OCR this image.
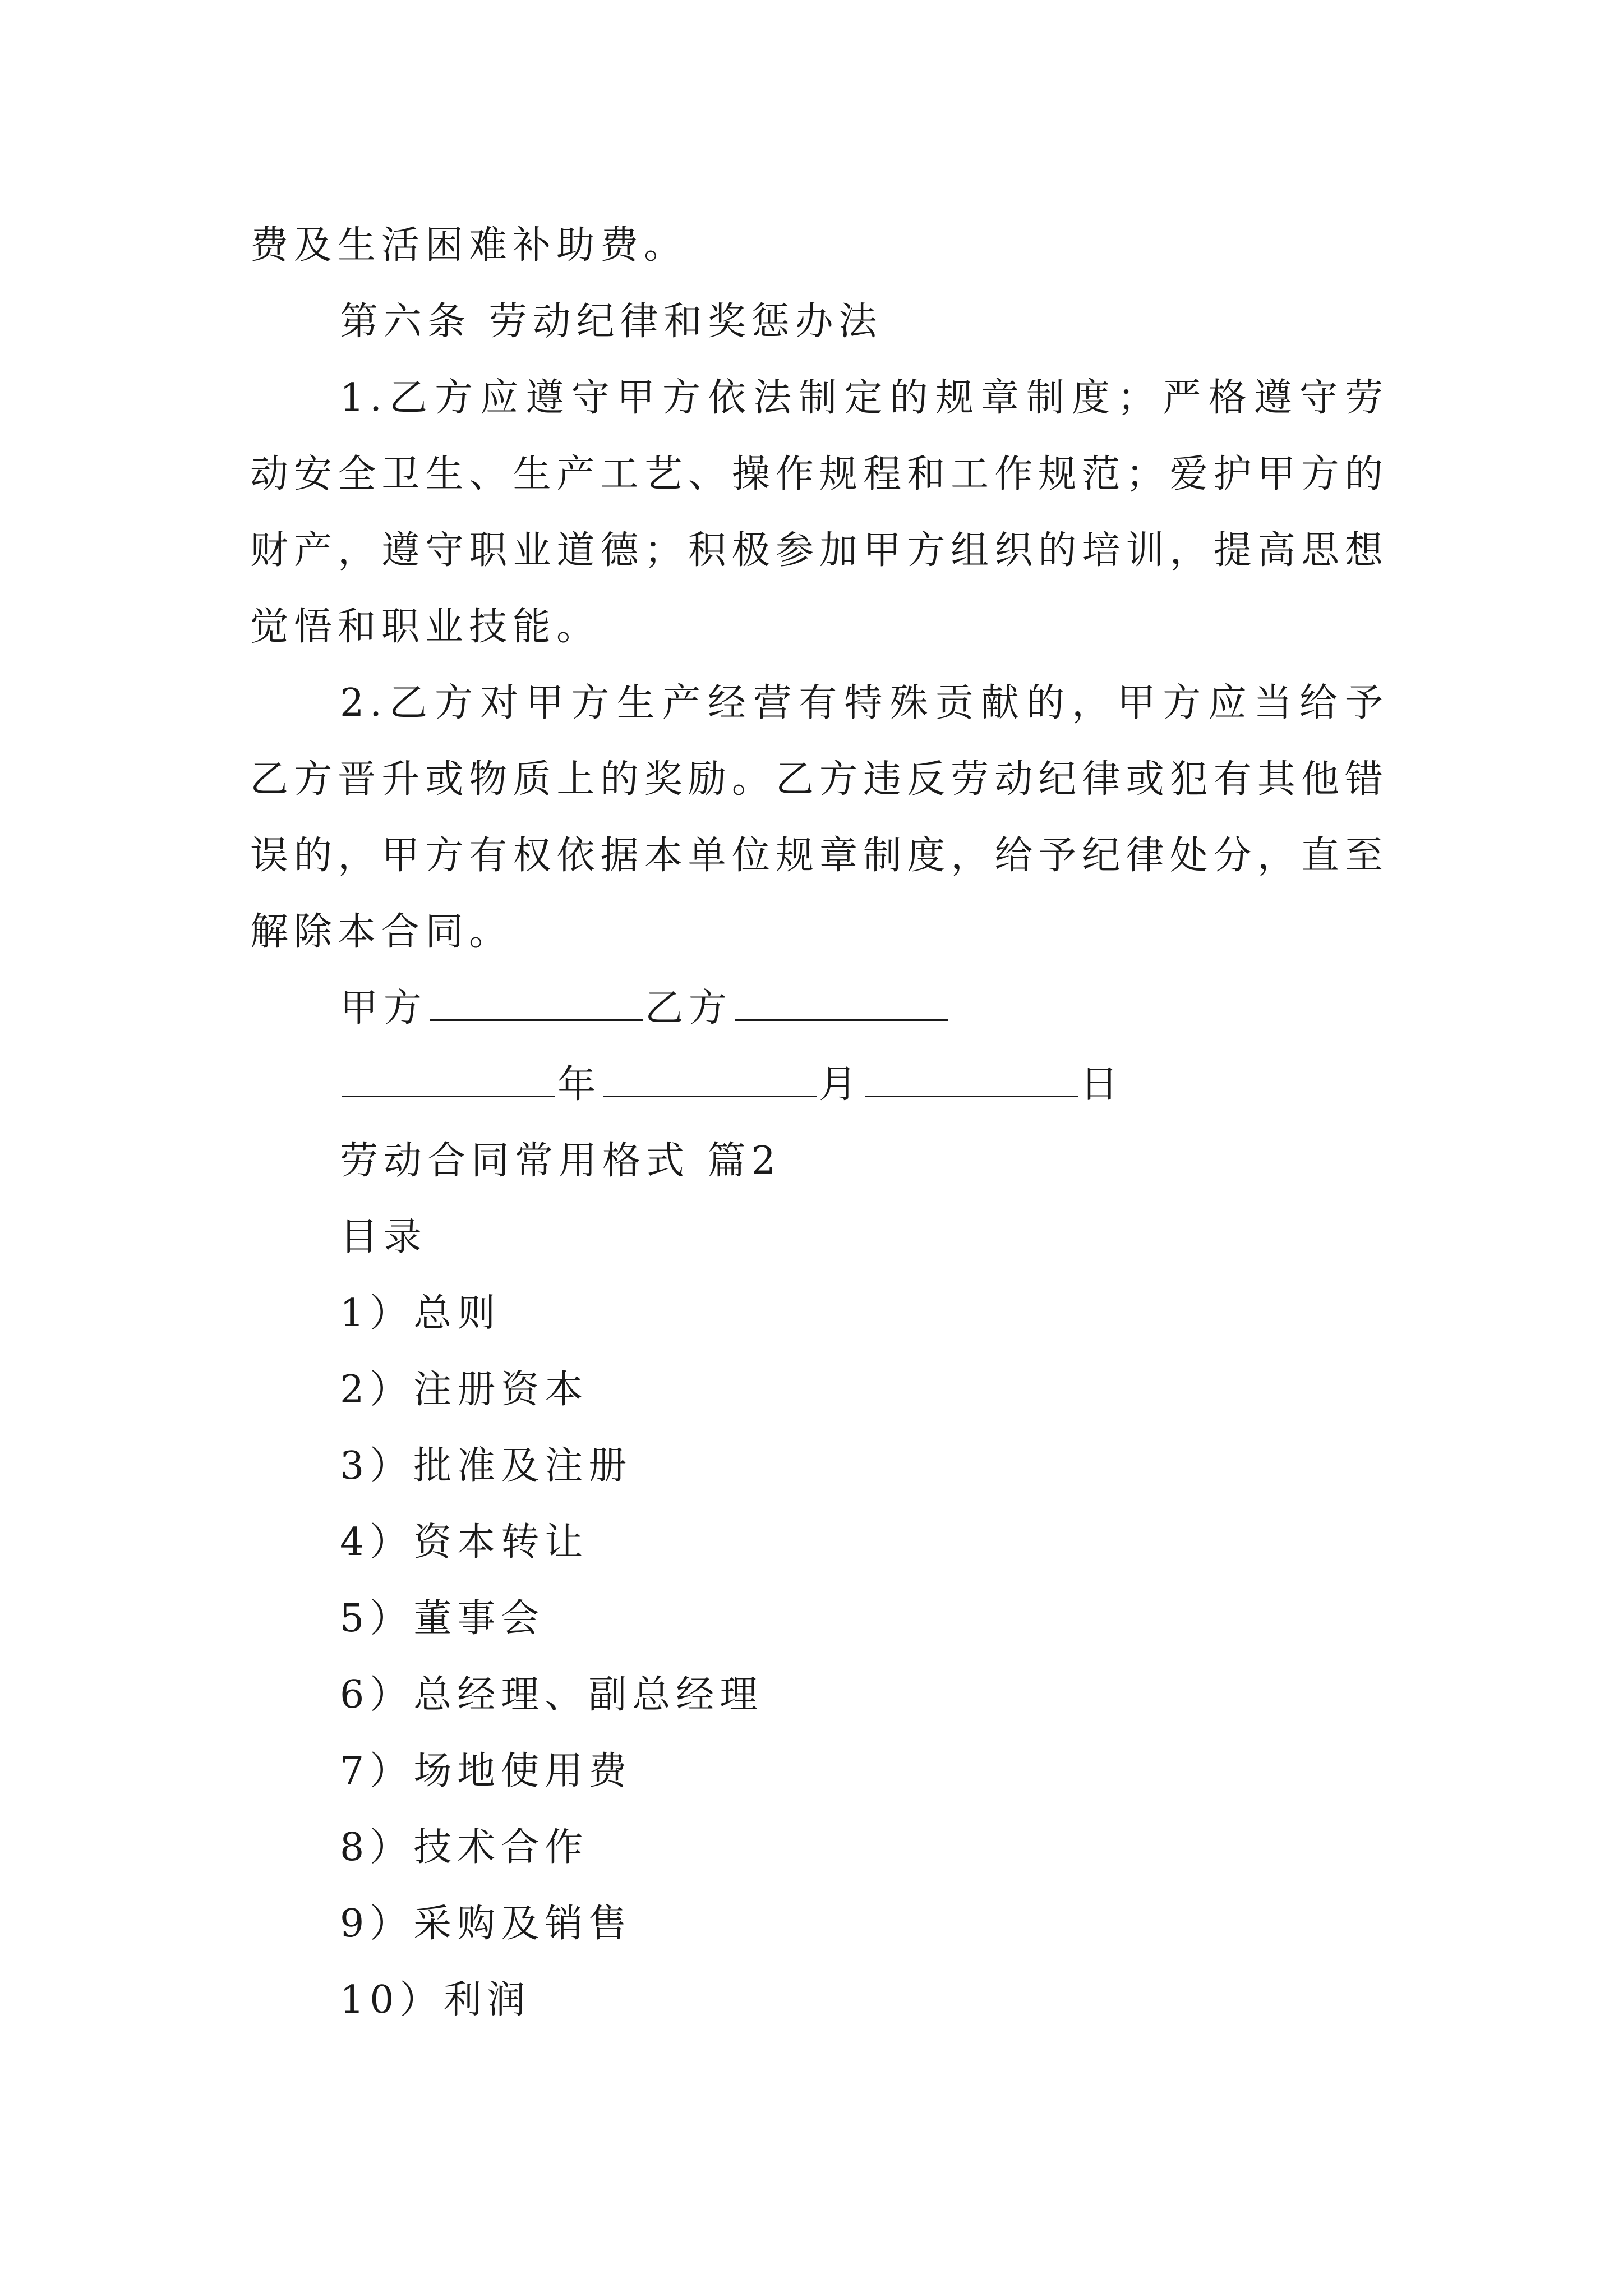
费及生活困难补助费。

第六条 劳动纪律和奖惩办法

1.乙方应遵守甲方依法制定的规章制度；严格遵守劳动安全卫生、生产工艺、操作规程和工作规范；爱护甲方的财产，遵守职业道德；积极参加甲方组织的培训，提高思想觉悟和职业技能。

2.乙方对甲方生产经营有特殊贡献的，甲方应当给予乙方晋升或物质上的奖励。乙方违反劳动纪律或犯有其他错误的，甲方有权依据本单位规章制度，给予纪律处分，直至解除本合同。

甲方	乙方

年	月	日

劳动合同常用格式 篇2

目录

1）总则

2）注册资本

3）批准及注册

4）资本转让

5）董事会

6）总经理、副总经理

7）场地使用费

8）技术合作

9）采购及销售

10）利润
